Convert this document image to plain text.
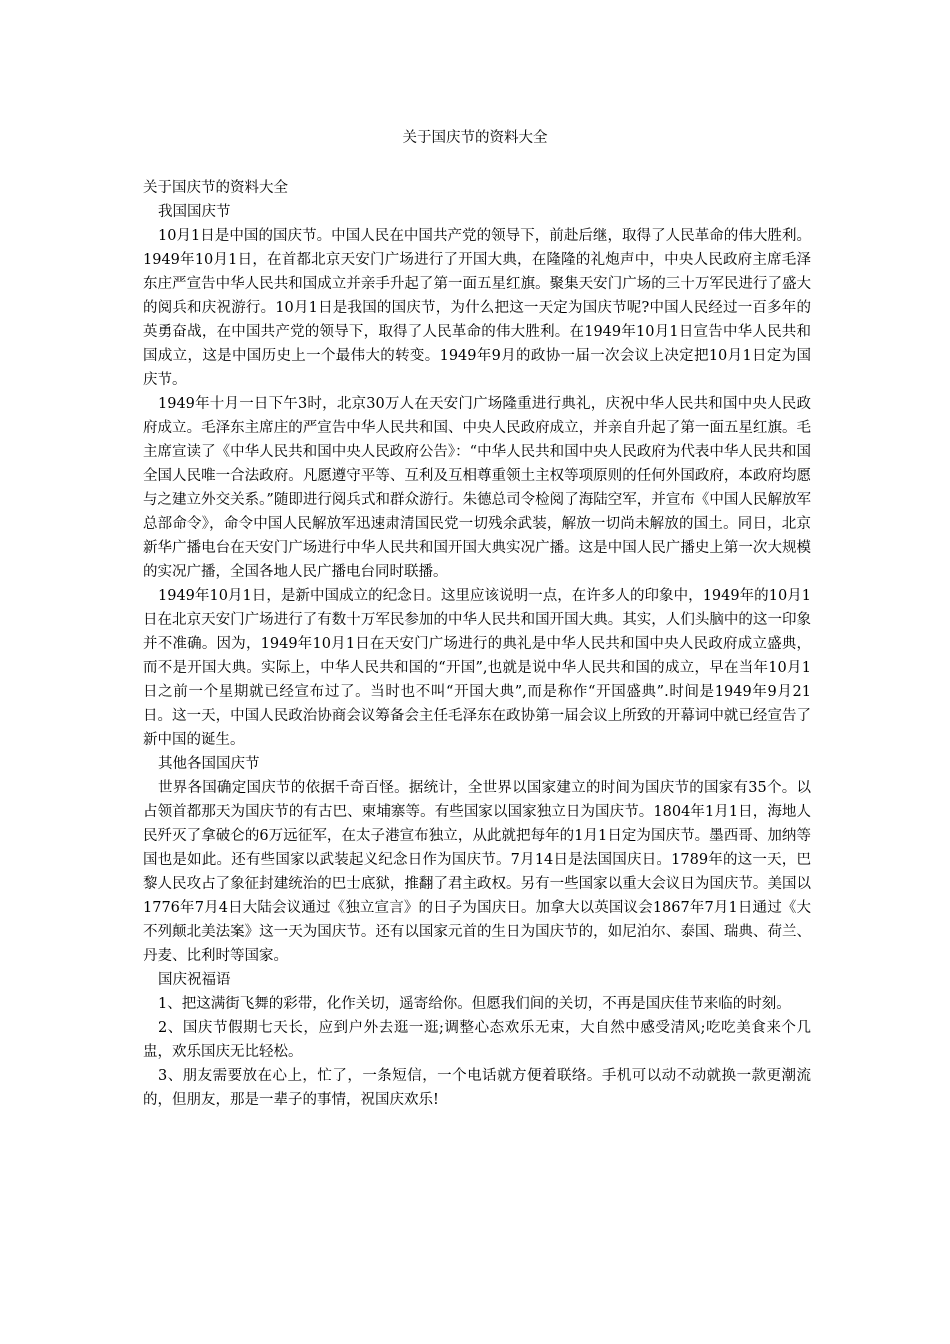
关于国庆节的资料大全

关于国庆节的资料大全

我国国庆节

10月1日是中国的国庆节。中国人民在中国共产党的领导下，前赴后继，取得了人民革命的伟大胜利。1949年10月1日，在首都北京天安门广场进行了开国大典，在隆隆的礼炮声中，中央人民政府主席毛泽东庄严宣告中华人民共和国成立并亲手升起了第一面五星红旗。聚集天安门广场的三十万军民进行了盛大的阅兵和庆祝游行。10月1日是我国的国庆节，为什么把这一天定为国庆节呢?中国人民经过一百多年的英勇奋战，在中国共产党的领导下，取得了人民革命的伟大胜利。在1949年10月1日宣告中华人民共和国成立，这是中国历史上一个最伟大的转变。1949年9月的政协一届一次会议上决定把10月1日定为国庆节。

1949年十月一日下午3时，北京30万人在天安门广场隆重进行典礼，庆祝中华人民共和国中央人民政府成立。毛泽东主席庄的严宣告中华人民共和国、中央人民政府成立，并亲自升起了第一面五星红旗。毛主席宣读了《中华人民共和国中央人民政府公告》：“中华人民共和国中央人民政府为代表中华人民共和国全国人民唯一合法政府。凡愿遵守平等、互利及互相尊重领土主权等项原则的任何外国政府，本政府均愿与之建立外交关系。”随即进行阅兵式和群众游行。朱德总司令检阅了海陆空军，并宣布《中国人民解放军总部命令》，命令中国人民解放军迅速肃清国民党一切残余武装，解放一切尚未解放的国土。同日，北京新华广播电台在天安门广场进行中华人民共和国开国大典实况广播。这是中国人民广播史上第一次大规模的实况广播，全国各地人民广播电台同时联播。

1949年10月1日，是新中国成立的纪念日。这里应该说明一点，在许多人的印象中，1949年的10月1日在北京天安门广场进行了有数十万军民参加的中华人民共和国开国大典。其实，人们头脑中的这一印象并不准确。因为，1949年10月1日在天安门广场进行的典礼是中华人民共和国中央人民政府成立盛典，而不是开国大典。实际上，中华人民共和国的“开国”,也就是说中华人民共和国的成立，早在当年10月1日之前一个星期就已经宣布过了。当时也不叫“开国大典”,而是称作“开国盛典”.时间是1949年9月21日。这一天，中国人民政治协商会议筹备会主任毛泽东在政协第一届会议上所致的开幕词中就已经宣告了新中国的诞生。

其他各国国庆节

世界各国确定国庆节的依据千奇百怪。据统计，全世界以国家建立的时间为国庆节的国家有35个。以占领首都那天为国庆节的有古巴、柬埔寨等。有些国家以国家独立日为国庆节。1804年1月1日，海地人民歼灭了拿破仑的6万远征军，在太子港宣布独立，从此就把每年的1月1日定为国庆节。墨西哥、加纳等国也是如此。还有些国家以武装起义纪念日作为国庆节。7月14日是法国国庆日。1789年的这一天，巴黎人民攻占了象征封建统治的巴士底狱，推翻了君主政权。另有一些国家以重大会议日为国庆节。美国以1776年7月4日大陆会议通过《独立宣言》的日子为国庆日。加拿大以英国议会1867年7月1日通过《大不列颠北美法案》这一天为国庆节。还有以国家元首的生日为国庆节的，如尼泊尔、泰国、瑞典、荷兰、丹麦、比利时等国家。

国庆祝福语

1、把这满街飞舞的彩带，化作关切，遥寄给你。但愿我们间的关切，不再是国庆佳节来临的时刻。

2、国庆节假期七天长，应到户外去逛一逛;调整心态欢乐无束，大自然中感受清风;吃吃美食来个几盅，欢乐国庆无比轻松。

3、朋友需要放在心上，忙了，一条短信，一个电话就方便着联络。手机可以动不动就换一款更潮流的，但朋友，那是一辈子的事情，祝国庆欢乐!
